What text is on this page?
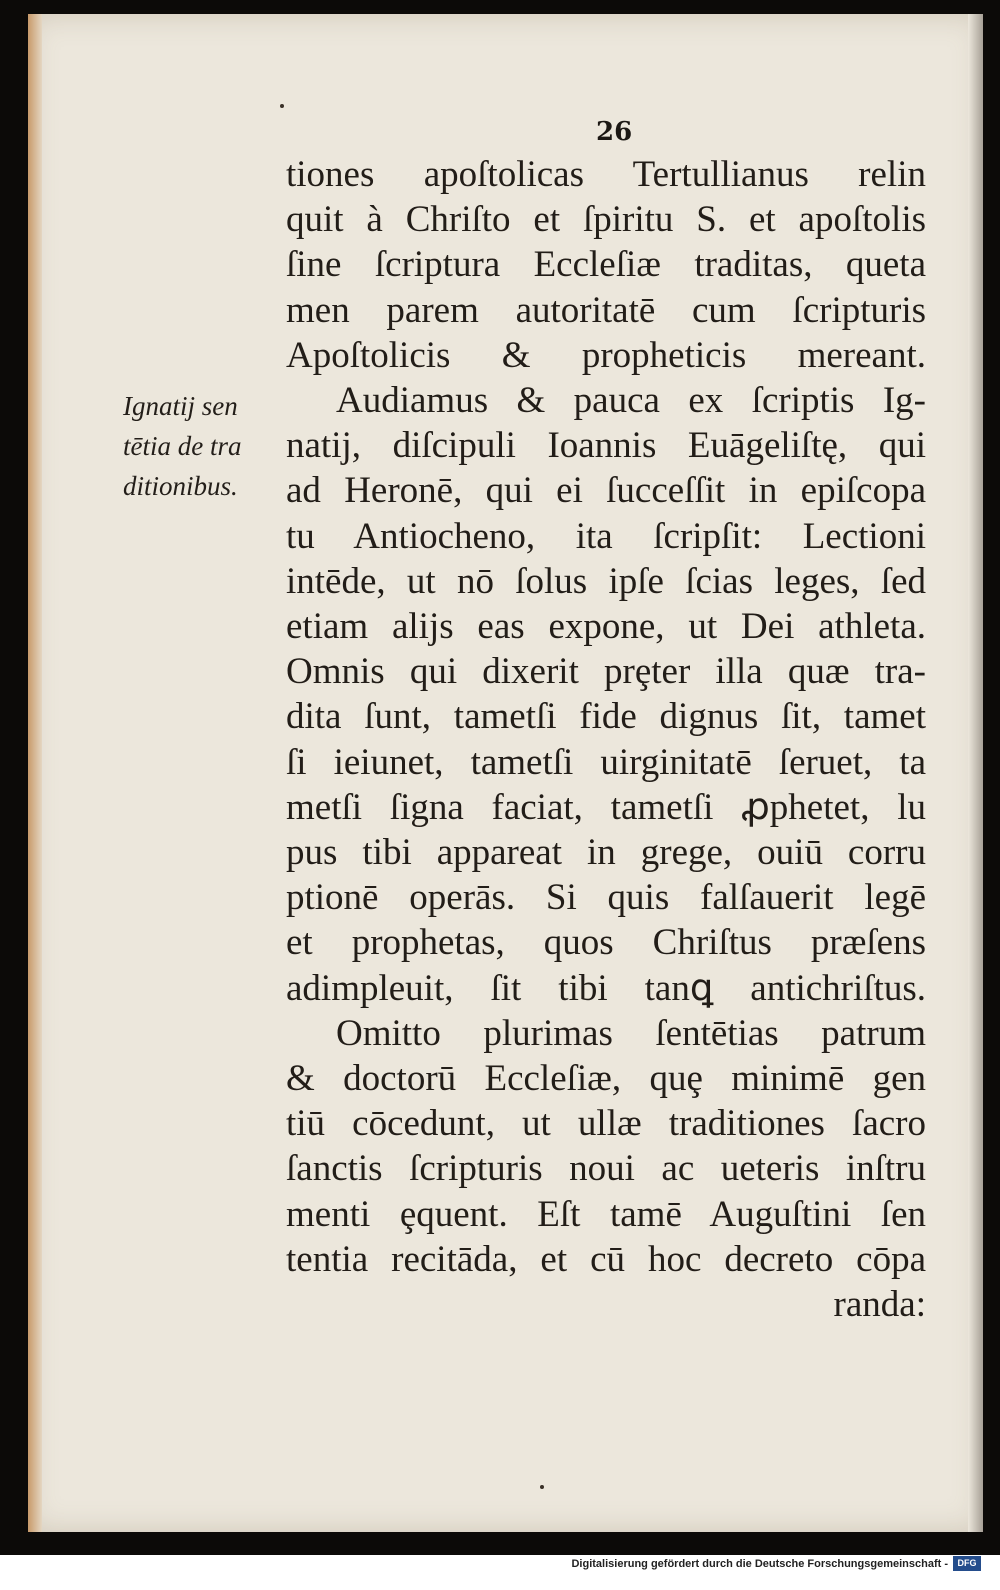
26
Ignatij sen
tētia de tra
ditionibus.
tiones apoſtolicas Tertullianus relin
quit à Chriſto et ſpiritu S. et apoſtolis
ſine ſcriptura Eccleſiæ traditas, queta
men parem autoritatē cum ſcripturis
Apoſtolicis & propheticis mereant.
Audiamus & pauca ex ſcriptis Ig-
natij, diſcipuli Ioannis Euāgeliſtę, qui
ad Heronē, qui ei ſucceſſit in epiſcopa
tu Antiocheno, ita ſcripſit: Lectioni
intēde, ut nō ſolus ipſe ſcias leges, ſed
etiam alijs eas expone, ut Dei athleta.
Omnis qui dixerit prȩter illa quæ tra-
dita ſunt, tametſi fide dignus ſit, tamet
ſi ieiunet, tametſi uirginitatē ſeruet, ta
metſi ſigna faciat, tametſi ꝓphetet, lu
pus tibi appareat in grege, ouiū corru
ptionē operās. Si quis falſauerit legē
et prophetas, quos Chriſtus præſens
adimpleuit, ſit tibi tanꝗ antichriſtus.
Omitto plurimas ſentētias patrum
& doctorū Eccleſiæ, quȩ minimē gen
tiū cōcedunt, ut ullæ traditiones ſacro
ſanctis ſcripturis noui ac ueteris inſtru
menti ȩquent. Eſt tamē Auguſtini ſen
tentia recitāda, et cū hoc decreto cōpa
randa:
Digitalisierung gefördert durch die Deutsche Forschungsgemeinschaft -	DFG
